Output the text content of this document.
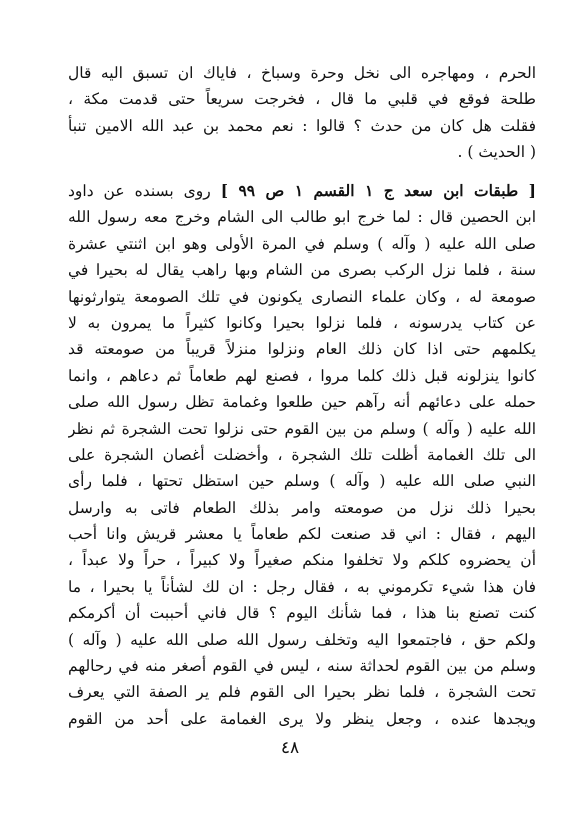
الحرم ، ومهاجره الى نخل وحرة وسباخ ، فاياك ان تسبق اليه قال
طلحة فوقع في قلبي ما قال ، فخرجت سريعاً حتى قدمت مكة ،
فقلت هل كان من حدث ؟ قالوا : نعم محمد بن عبد الله الامين تنبأ
( الحديث ) .
[ طبقات ابن سعد ج ١ القسم ١ ص ٩٩ ] روى بسنده عن داود
ابن الحصين قال : لما خرج ابو طالب الى الشام وخرج معه رسول الله
صلى الله عليه ( وآله ) وسلم في المرة الأولى وهو ابن اثنتي عشرة
سنة ، فلما نزل الركب بصرى من الشام وبها راهب يقال له بحيرا في
صومعة له ، وكان علماء النصارى يكونون في تلك الصومعة يتوارثونها
عن كتاب يدرسونه ، فلما نزلوا بحيرا وكانوا كثيراً ما يمرون به لا
يكلمهم حتى اذا كان ذلك العام ونزلوا منزلاً قريباً من صومعته قد
كانوا ينزلونه قبل ذلك كلما مروا ، فصنع لهم طعاماً ثم دعاهم ، وانما
حمله على دعائهم أنه رآهم حين طلعوا وغمامة تظل رسول الله صلى
الله عليه ( وآله ) وسلم من بين القوم حتى نزلوا تحت الشجرة ثم نظر
الى تلك الغمامة أظلت تلك الشجرة ، وأخضلت أغصان الشجرة على
النبي صلى الله عليه ( وآله ) وسلم حين استظل تحتها ، فلما رأى
بحيرا ذلك نزل من صومعته وامر بذلك الطعام فاتى به وارسل
اليهم ، فقال : اني قد صنعت لكم طعاماً يا معشر قريش وانا أحب
أن يحضروه كلكم ولا تخلفوا منكم صغيراً ولا كبيراً ، حراً ولا عبداً ،
فان هذا شيء تكرموني به ، فقال رجل : ان لك لشأناً يا بحيرا ، ما
كنت تصنع بنا هذا ، فما شأنك اليوم ؟ قال فاني أحببت أن أكرمكم
ولكم حق ، فاجتمعوا اليه وتخلف رسول الله صلى الله عليه ( وآله )
وسلم من بين القوم لحداثة سنه ، ليس في القوم أصغر منه في رحالهم
تحت الشجرة ، فلما نظر بحيرا الى القوم فلم ير الصفة التي يعرف
ويجدها عنده ، وجعل ينظر ولا يرى الغمامة على أحد من القوم
٤٨
